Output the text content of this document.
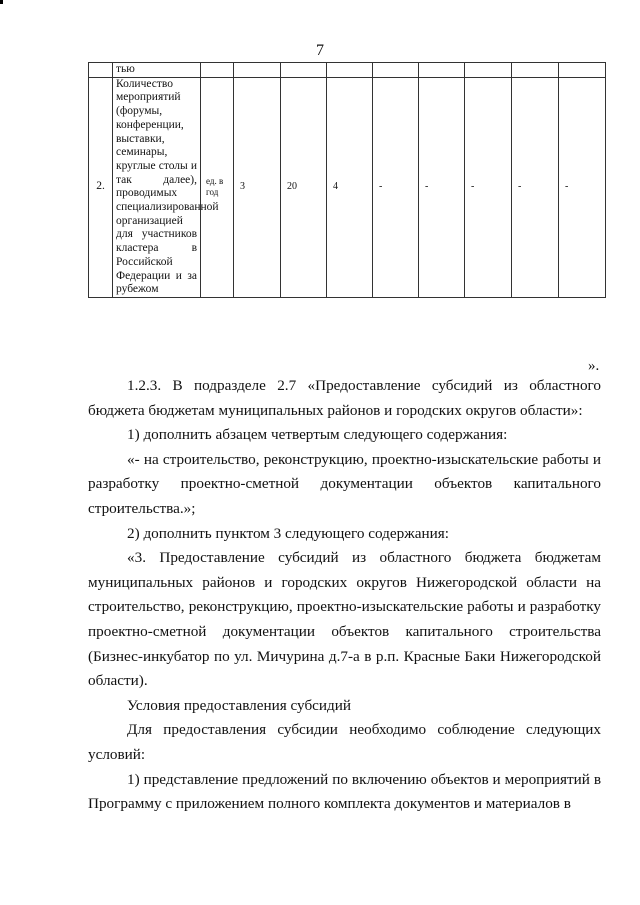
7
	тью									
2.	Количество мероприятий (форумы, конференции, выставки, семинары, круглые столы и так далее), проводимых специализированной организацией для участников кластера в Российской Федерации и за рубежом	ед. в год	3	20	4	-	-	-	-	-
».

1.2.3. В подразделе 2.7 «Предоставление субсидий из областного бюджета бюджетам муниципальных районов и городских округов области»:

1) дополнить абзацем четвертым следующего содержания:

«- на строительство, реконструкцию, проектно-изыскательские работы и разработку проектно-сметной документации объектов капитального строительства.»;

2) дополнить пунктом 3 следующего содержания:

«3. Предоставление субсидий из областного бюджета бюджетам муниципальных районов и городских округов Нижегородской области на строительство, реконструкцию, проектно-изыскательские работы и разработку проектно-сметной документации объектов капитального строительства (Бизнес-инкубатор по ул. Мичурина д.7-а в р.п. Красные Баки Нижегородской области).

Условия предоставления субсидий

Для предоставления субсидии необходимо соблюдение следующих условий:

1) представление предложений по включению объектов и мероприятий в Программу с приложением полного комплекта документов и материалов в
